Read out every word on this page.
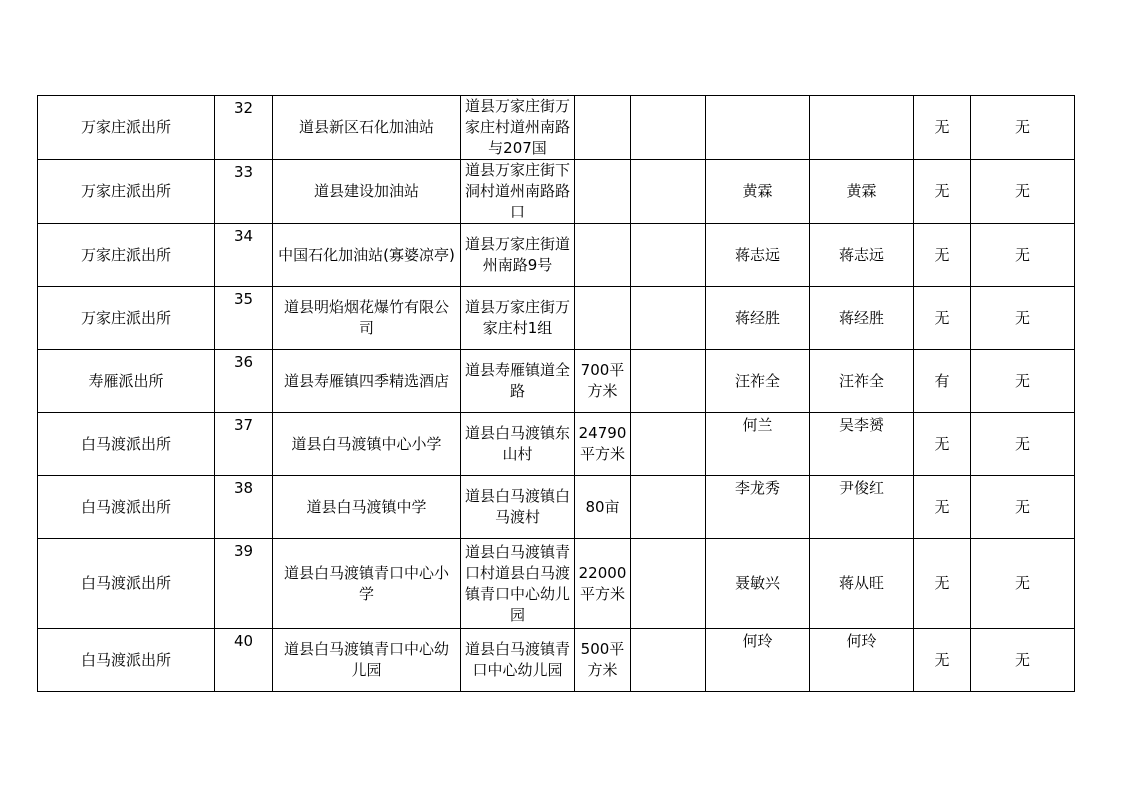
万家庄派出所	32	道县新区石化加油站	道县万家庄街万家庄村道州南路与207国					无	无
万家庄派出所	33	道县建设加油站	道县万家庄街下洞村道州南路路口			黄霖	黄霖	无	无
万家庄派出所	34	中国石化加油站(寡婆凉亭)	道县万家庄街道州南路9号			蒋志远	蒋志远	无	无
万家庄派出所	35	道县明焰烟花爆竹有限公司	道县万家庄街万家庄村1组			蒋经胜	蒋经胜	无	无
寿雁派出所	36	道县寿雁镇四季精选酒店	道县寿雁镇道全路	700平方米		汪祚全	汪祚全	有	无
白马渡派出所	37	道县白马渡镇中心小学	道县白马渡镇东山村	24790平方米		何兰	吴李赟	无	无
白马渡派出所	38	道县白马渡镇中学	道县白马渡镇白马渡村	80亩		李龙秀	尹俊红	无	无
白马渡派出所	39	道县白马渡镇青口中心小学	道县白马渡镇青口村道县白马渡镇青口中心幼儿园	22000平方米		聂敏兴	蒋从旺	无	无
白马渡派出所	40	道县白马渡镇青口中心幼儿园	道县白马渡镇青口中心幼儿园	500平方米		何玲	何玲	无	无
